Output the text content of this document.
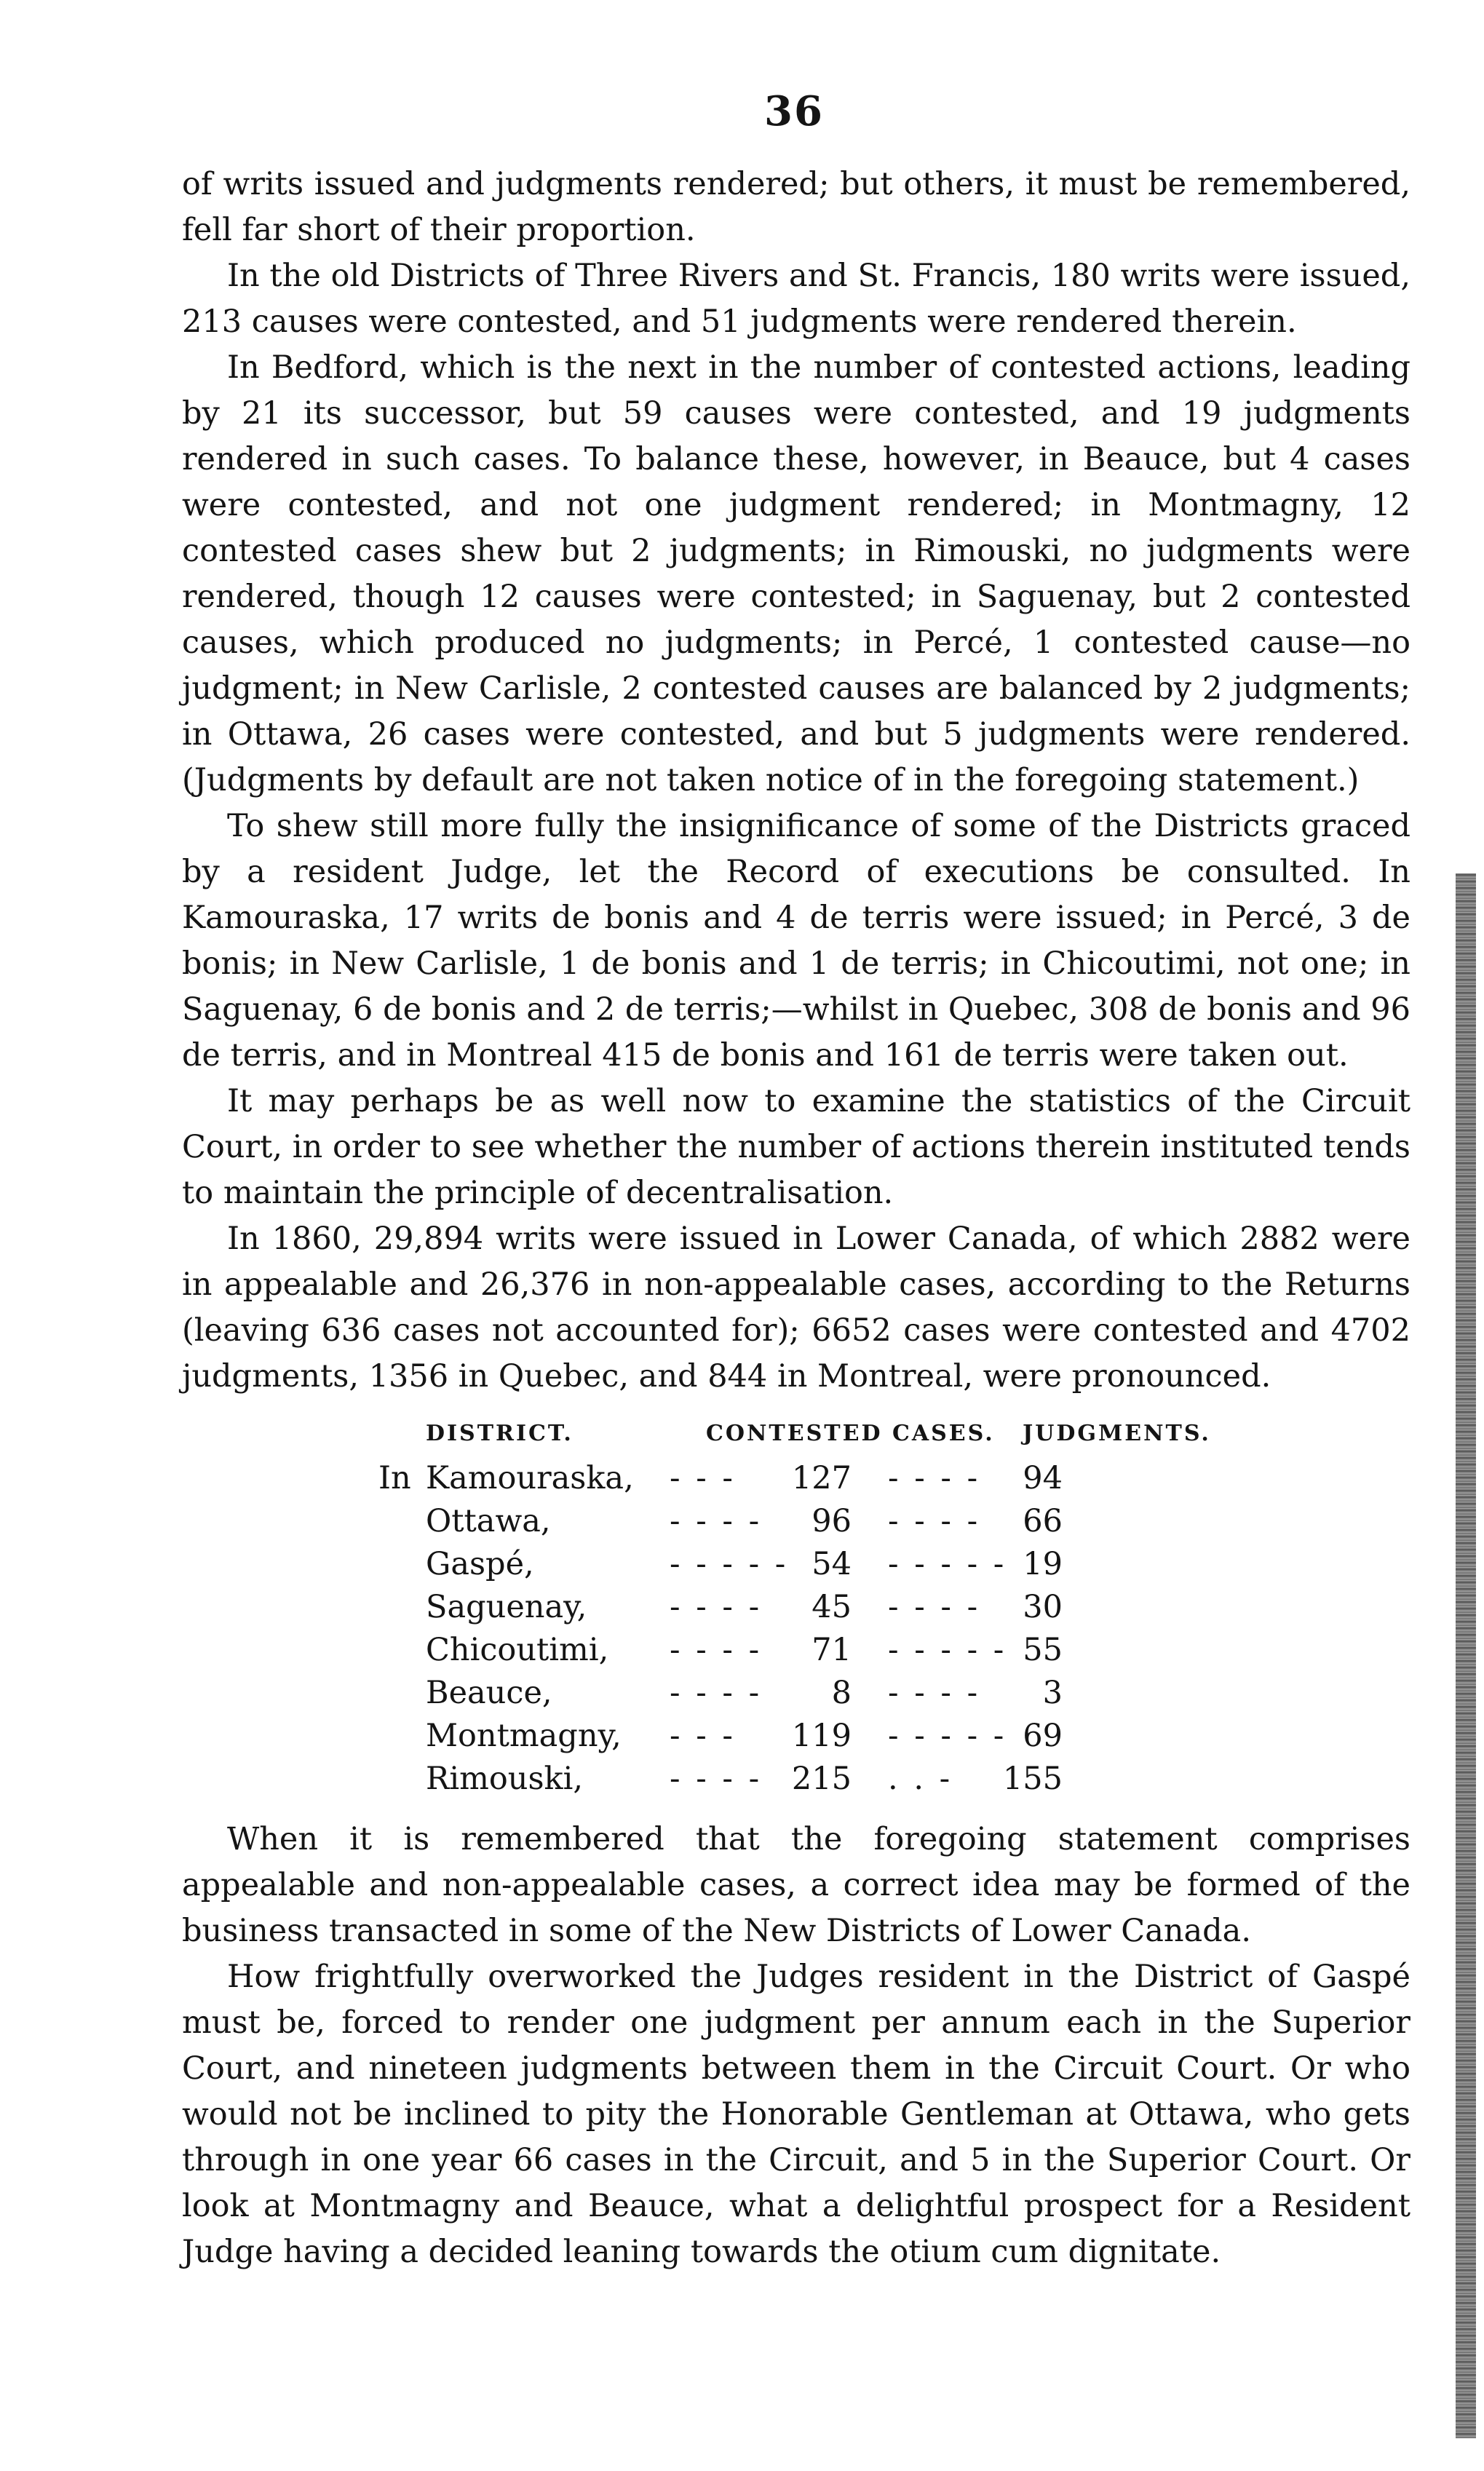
36

of writs issued and judgments rendered; but others, it must be remembered, fell far short of their proportion.

In the old Districts of Three Rivers and St. Francis, 180 writs were issued, 213 causes were contested, and 51 judgments were rendered therein.

In Bedford, which is the next in the number of contested actions, leading by 21 its successor, but 59 causes were contested, and 19 judgments rendered in such cases. To balance these, however, in Beauce, but 4 cases were contested, and not one judgment rendered; in Montmagny, 12 contested cases shew but 2 judgments; in Rimouski, no judgments were rendered, though 12 causes were contested; in Saguenay, but 2 contested causes, which produced no judgments; in Percé, 1 contested cause—no judgment; in New Carlisle, 2 contested causes are balanced by 2 judgments; in Ottawa, 26 cases were contested, and but 5 judgments were rendered. (Judgments by default are not taken notice of in the foregoing statement.)

To shew still more fully the insignificance of some of the Districts graced by a resident Judge, let the Record of executions be consulted. In Kamouraska, 17 writs de bonis and 4 de terris were issued; in Percé, 3 de bonis; in New Carlisle, 1 de bonis and 1 de terris; in Chicoutimi, not one; in Saguenay, 6 de bonis and 2 de terris;—whilst in Quebec, 308 de bonis and 96 de terris, and in Montreal 415 de bonis and 161 de terris were taken out.

It may perhaps be as well now to examine the statistics of the Circuit Court, in order to see whether the number of actions therein instituted tends to maintain the principle of decentralisation.

In 1860, 29,894 writs were issued in Lower Canada, of which 2882 were in appealable and 26,376 in non-appealable cases, according to the Returns (leaving 636 cases not accounted for); 6652 cases were contested and 4702 judgments, 1356 in Quebec, and 844 in Montreal, were pronounced.

DISTRICT.	CONTESTED CASES. JUDGMENTS.
In Kamouraska, - - - 127 - - - -	94
Ottawa,	- - - -	96 - - - -	66
Gaspé,	- - - - - 54 - - - - - 19
Saguenay,	- - - -	45 - - - -	30
Chicoutimi, - - - -	71 - - - - - 55
Beauce,	- - - -	8 - - - -	3
Montmagny, - - - 119 - - - - - 69
Rimouski,	- - - - 215 . . - 155

When it is remembered that the foregoing statement comprises appealable and non-appealable cases, a correct idea may be formed of the business transacted in some of the New Districts of Lower Canada.

How frightfully overworked the Judges resident in the District of Gaspé must be, forced to render one judgment per annum each in the Superior Court, and nineteen judgments between them in the Circuit Court. Or who would not be inclined to pity the Honorable Gentleman at Ottawa, who gets through in one year 66 cases in the Circuit, and 5 in the Superior Court. Or look at Montmagny and Beauce, what a delightful prospect for a Resident Judge having a decided leaning towards the otium cum dignitate.
